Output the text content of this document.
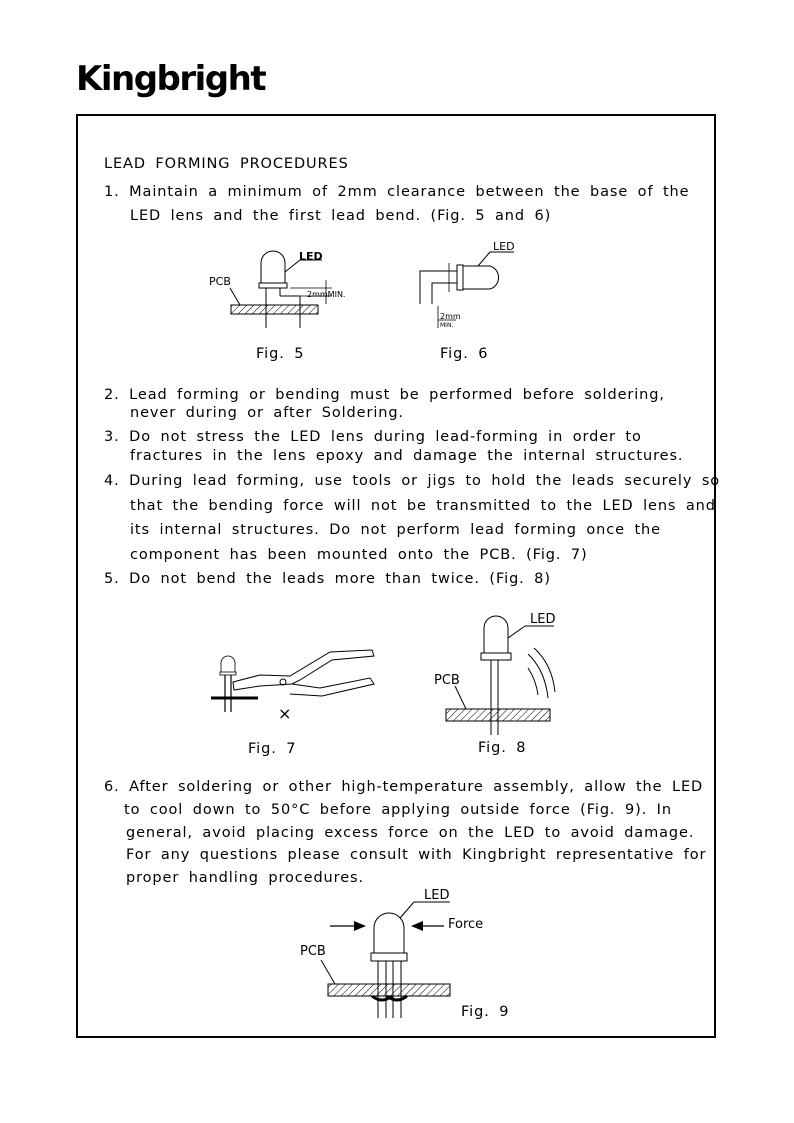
Kingbright
LEAD FORMING PROCEDURES
1. Maintain a minimum of 2mm clearance between the base of the
LED lens and the first lead bend. (Fig. 5 and 6)
LED
PCB
2mmMIN.
Fig. 5
LED
2mm
MIN.
Fig. 6
2. Lead forming or bending must be performed before soldering,
never during or after Soldering.
3. Do not stress the LED lens during lead-forming in order to
fractures in the lens epoxy and damage the internal structures.
4. During lead forming, use tools or jigs to hold the leads securely so
that the bending force will not be transmitted to the LED lens and
its internal structures. Do not perform lead forming once the
component has been mounted onto the PCB. (Fig. 7)
5. Do not bend the leads more than twice. (Fig. 8)
×
Fig. 7
LED
PCB
Fig. 8
6. After soldering or other high-temperature assembly, allow the LED
to cool down to 50°C before applying outside force (Fig. 9). In
general, avoid placing excess force on the LED to avoid damage.
For any questions please consult with Kingbright representative for
proper handling procedures.
LED
Force
PCB
Fig. 9
